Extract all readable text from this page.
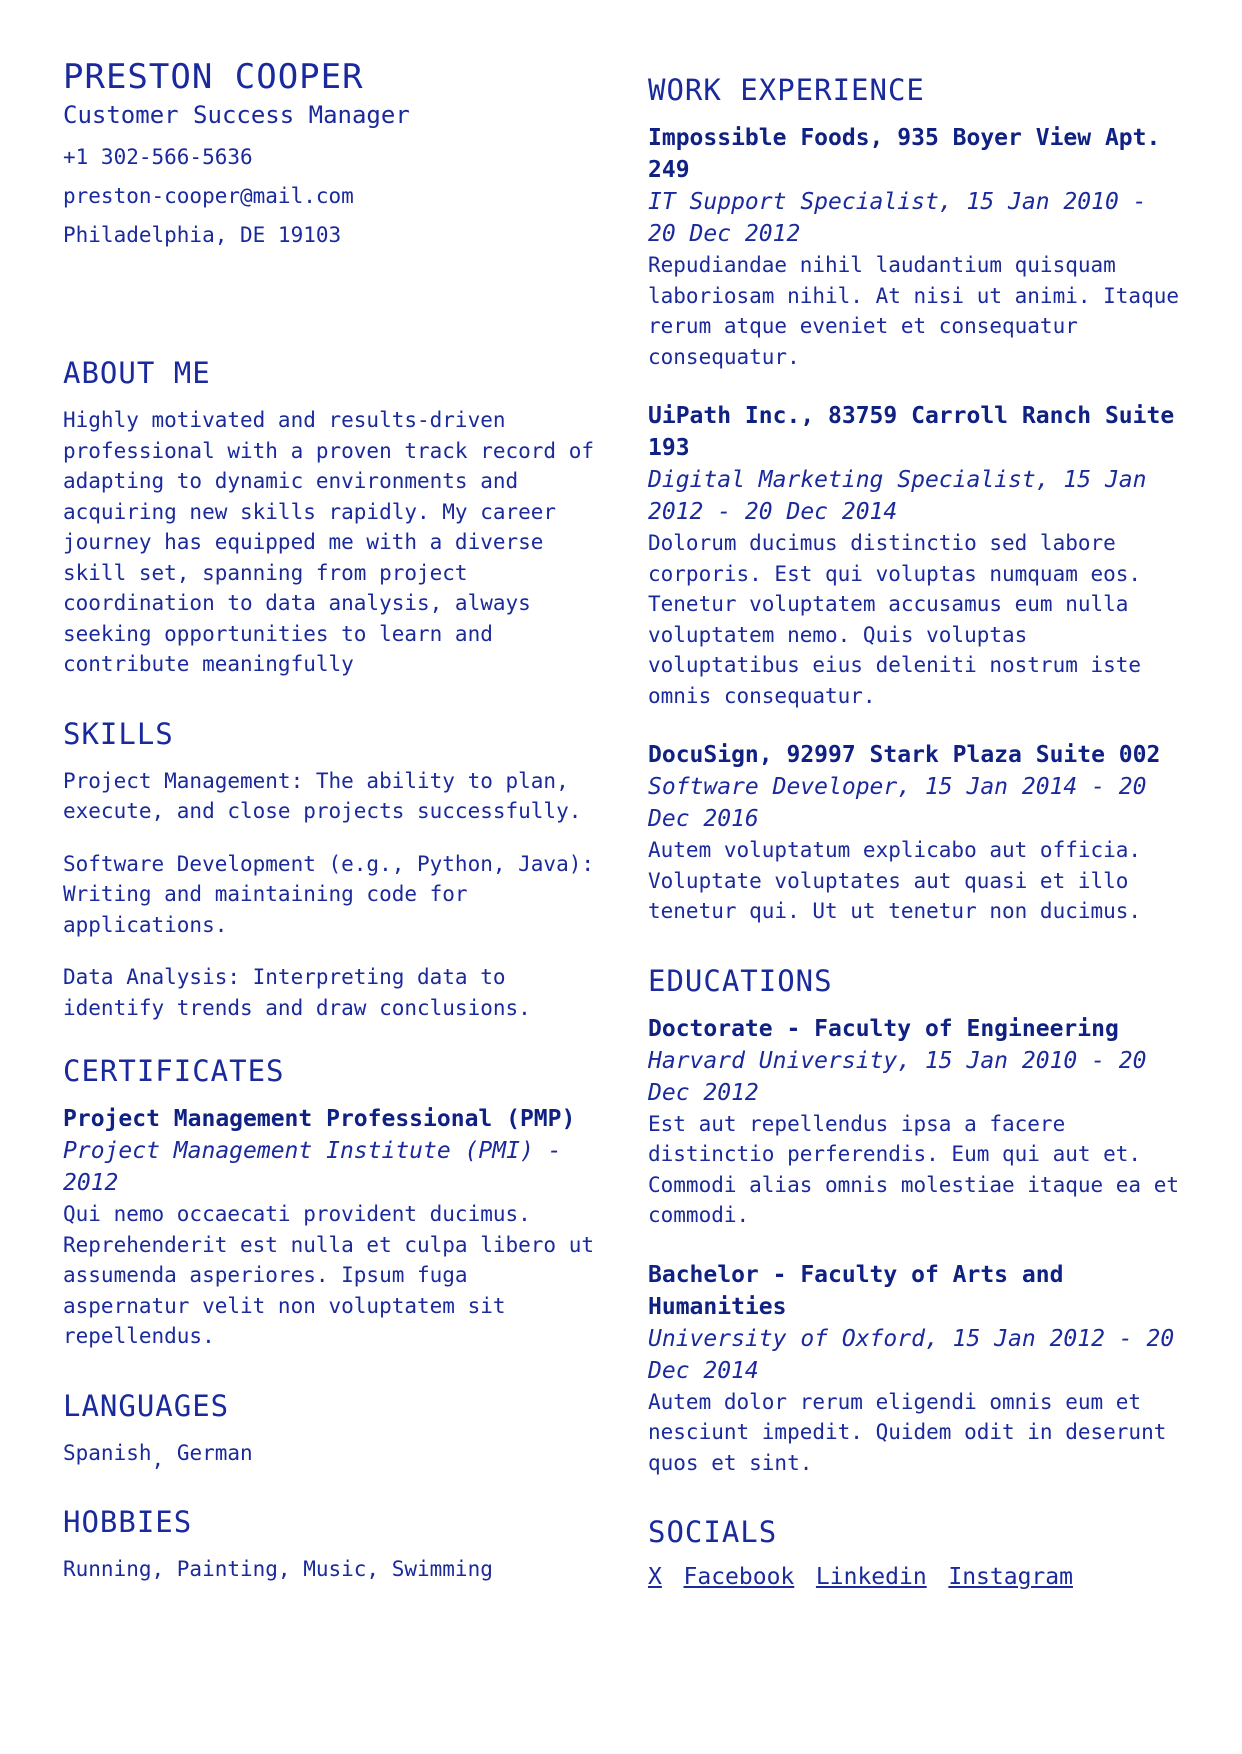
PRESTON COOPER

Customer Success Manager

+1 302-566-5636

preston-cooper@mail.com

Philadelphia, DE 19103

ABOUT ME

Highly motivated and results-driven professional with a proven track record of adapting to dynamic environments and acquiring new skills rapidly. My career journey has equipped me with a diverse skill set, spanning from project coordination to data analysis, always seeking opportunities to learn and contribute meaningfully

SKILLS

Project Management: The ability to plan, execute, and close projects successfully.

Software Development (e.g., Python, Java): Writing and maintaining code for applications.

Data Analysis: Interpreting data to identify trends and draw conclusions.

CERTIFICATES

Project Management Professional (PMP)

Project Management Institute (PMI) - 2012

Qui nemo occaecati provident ducimus. Reprehenderit est nulla et culpa libero ut assumenda asperiores. Ipsum fuga aspernatur velit non voluptatem sit repellendus.

LANGUAGES

Spanish, German

HOBBIES

Running, Painting, Music, Swimming

WORK EXPERIENCE

Impossible Foods, 935 Boyer View Apt. 249

IT Support Specialist, 15 Jan 2010 - 20 Dec 2012

Repudiandae nihil laudantium quisquam laboriosam nihil. At nisi ut animi. Itaque rerum atque eveniet et consequatur consequatur.

UiPath Inc., 83759 Carroll Ranch Suite 193

Digital Marketing Specialist, 15 Jan 2012 - 20 Dec 2014

Dolorum ducimus distinctio sed labore corporis. Est qui voluptas numquam eos. Tenetur voluptatem accusamus eum nulla voluptatem nemo. Quis voluptas voluptatibus eius deleniti nostrum iste omnis consequatur.

DocuSign, 92997 Stark Plaza Suite 002

Software Developer, 15 Jan 2014 - 20 Dec 2016

Autem voluptatum explicabo aut officia. Voluptate voluptates aut quasi et illo tenetur qui. Ut ut tenetur non ducimus.

EDUCATIONS

Doctorate - Faculty of Engineering

Harvard University, 15 Jan 2010 - 20 Dec 2012

Est aut repellendus ipsa a facere distinctio perferendis. Eum qui aut et. Commodi alias omnis molestiae itaque ea et commodi.

Bachelor - Faculty of Arts and Humanities

University of Oxford, 15 Jan 2012 - 20 Dec 2014

Autem dolor rerum eligendi omnis eum et nesciunt impedit. Quidem odit in deserunt quos et sint.

SOCIALS
X Facebook Linkedin Instagram
